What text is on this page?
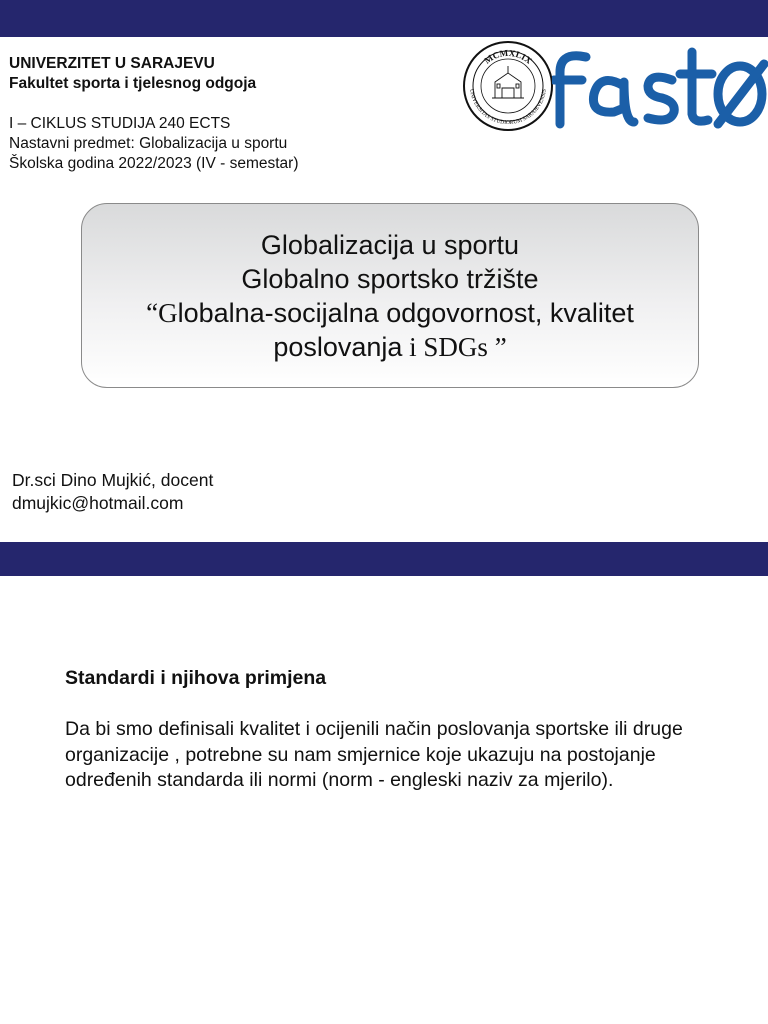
UNIVERZITET U SARAJEVU
Fakultet sporta i tjelesnog odgoja
I – CIKLUS STUDIJA 240 ECTS
Nastavni predmet: Globalizacija u sportu
Školska godina 2022/2023 (IV - semestar)
MCMXLIX
UNIVERSITAS STUDIORUM SARAJEVENSIS
Globalizacija u sportu
Globalno sportsko tržište
“Globalna-socijalna odgovornost, kvalitet
poslovanja i SDGs ”
Dr.sci Dino Mujkić, docent
dmujkic@hotmail.com
Standardi i njihova primjena
Da bi smo definisali kvalitet i ocijenili način poslovanja sportske ili druge organizacije , potrebne su nam smjernice koje ukazuju na postojanje određenih standarda ili normi (norm - engleski naziv za mjerilo).
